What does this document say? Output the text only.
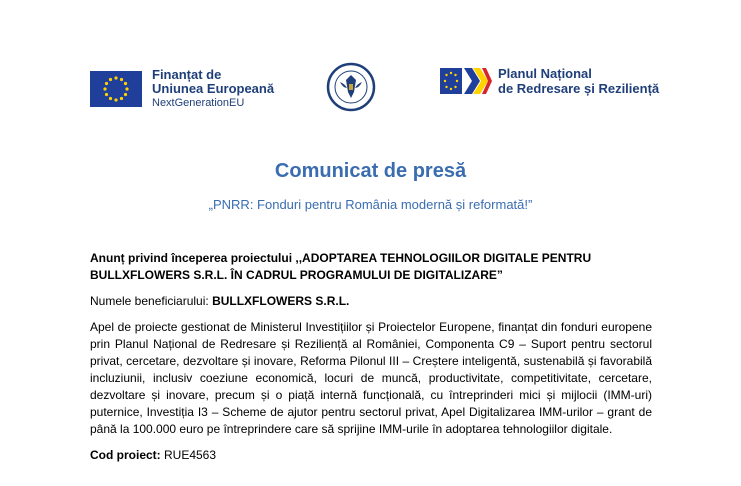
Finanțat de
Uniunea Europeană
NextGenerationEU
Planul Național
de Redresare și Reziliență
Comunicat de presă
„PNRR: Fonduri pentru România modernă și reformată!”
Anunț privind începerea proiectului ,,ADOPTAREA TEHNOLOGIILOR DIGITALE PENTRU BULLXFLOWERS S.R.L. ÎN CADRUL PROGRAMULUI DE DIGITALIZARE”
Numele beneficiarului: BULLXFLOWERS S.R.L.
Apel de proiecte gestionat de Ministerul Investițiilor și Proiectelor Europene, finanțat din fonduri europene prin Planul Național de Redresare și Reziliență al României, Componenta C9 – Suport pentru sectorul privat, cercetare, dezvoltare și inovare, Reforma Pilonul III – Creștere inteligentă, sustenabilă și favorabilă incluziunii, inclusiv coeziune economică, locuri de muncă, productivitate, competitivitate, cercetare, dezvoltare și inovare, precum și o piață internă funcțională, cu întreprinderi mici și mijlocii (IMM-uri) puternice, Investiția I3 – Scheme de ajutor pentru sectorul privat, Apel Digitalizarea IMM-urilor – grant de până la 100.000 euro pe întreprindere care să sprijine IMM-urile în adoptarea tehnologiilor digitale.
Cod proiect: RUE4563
